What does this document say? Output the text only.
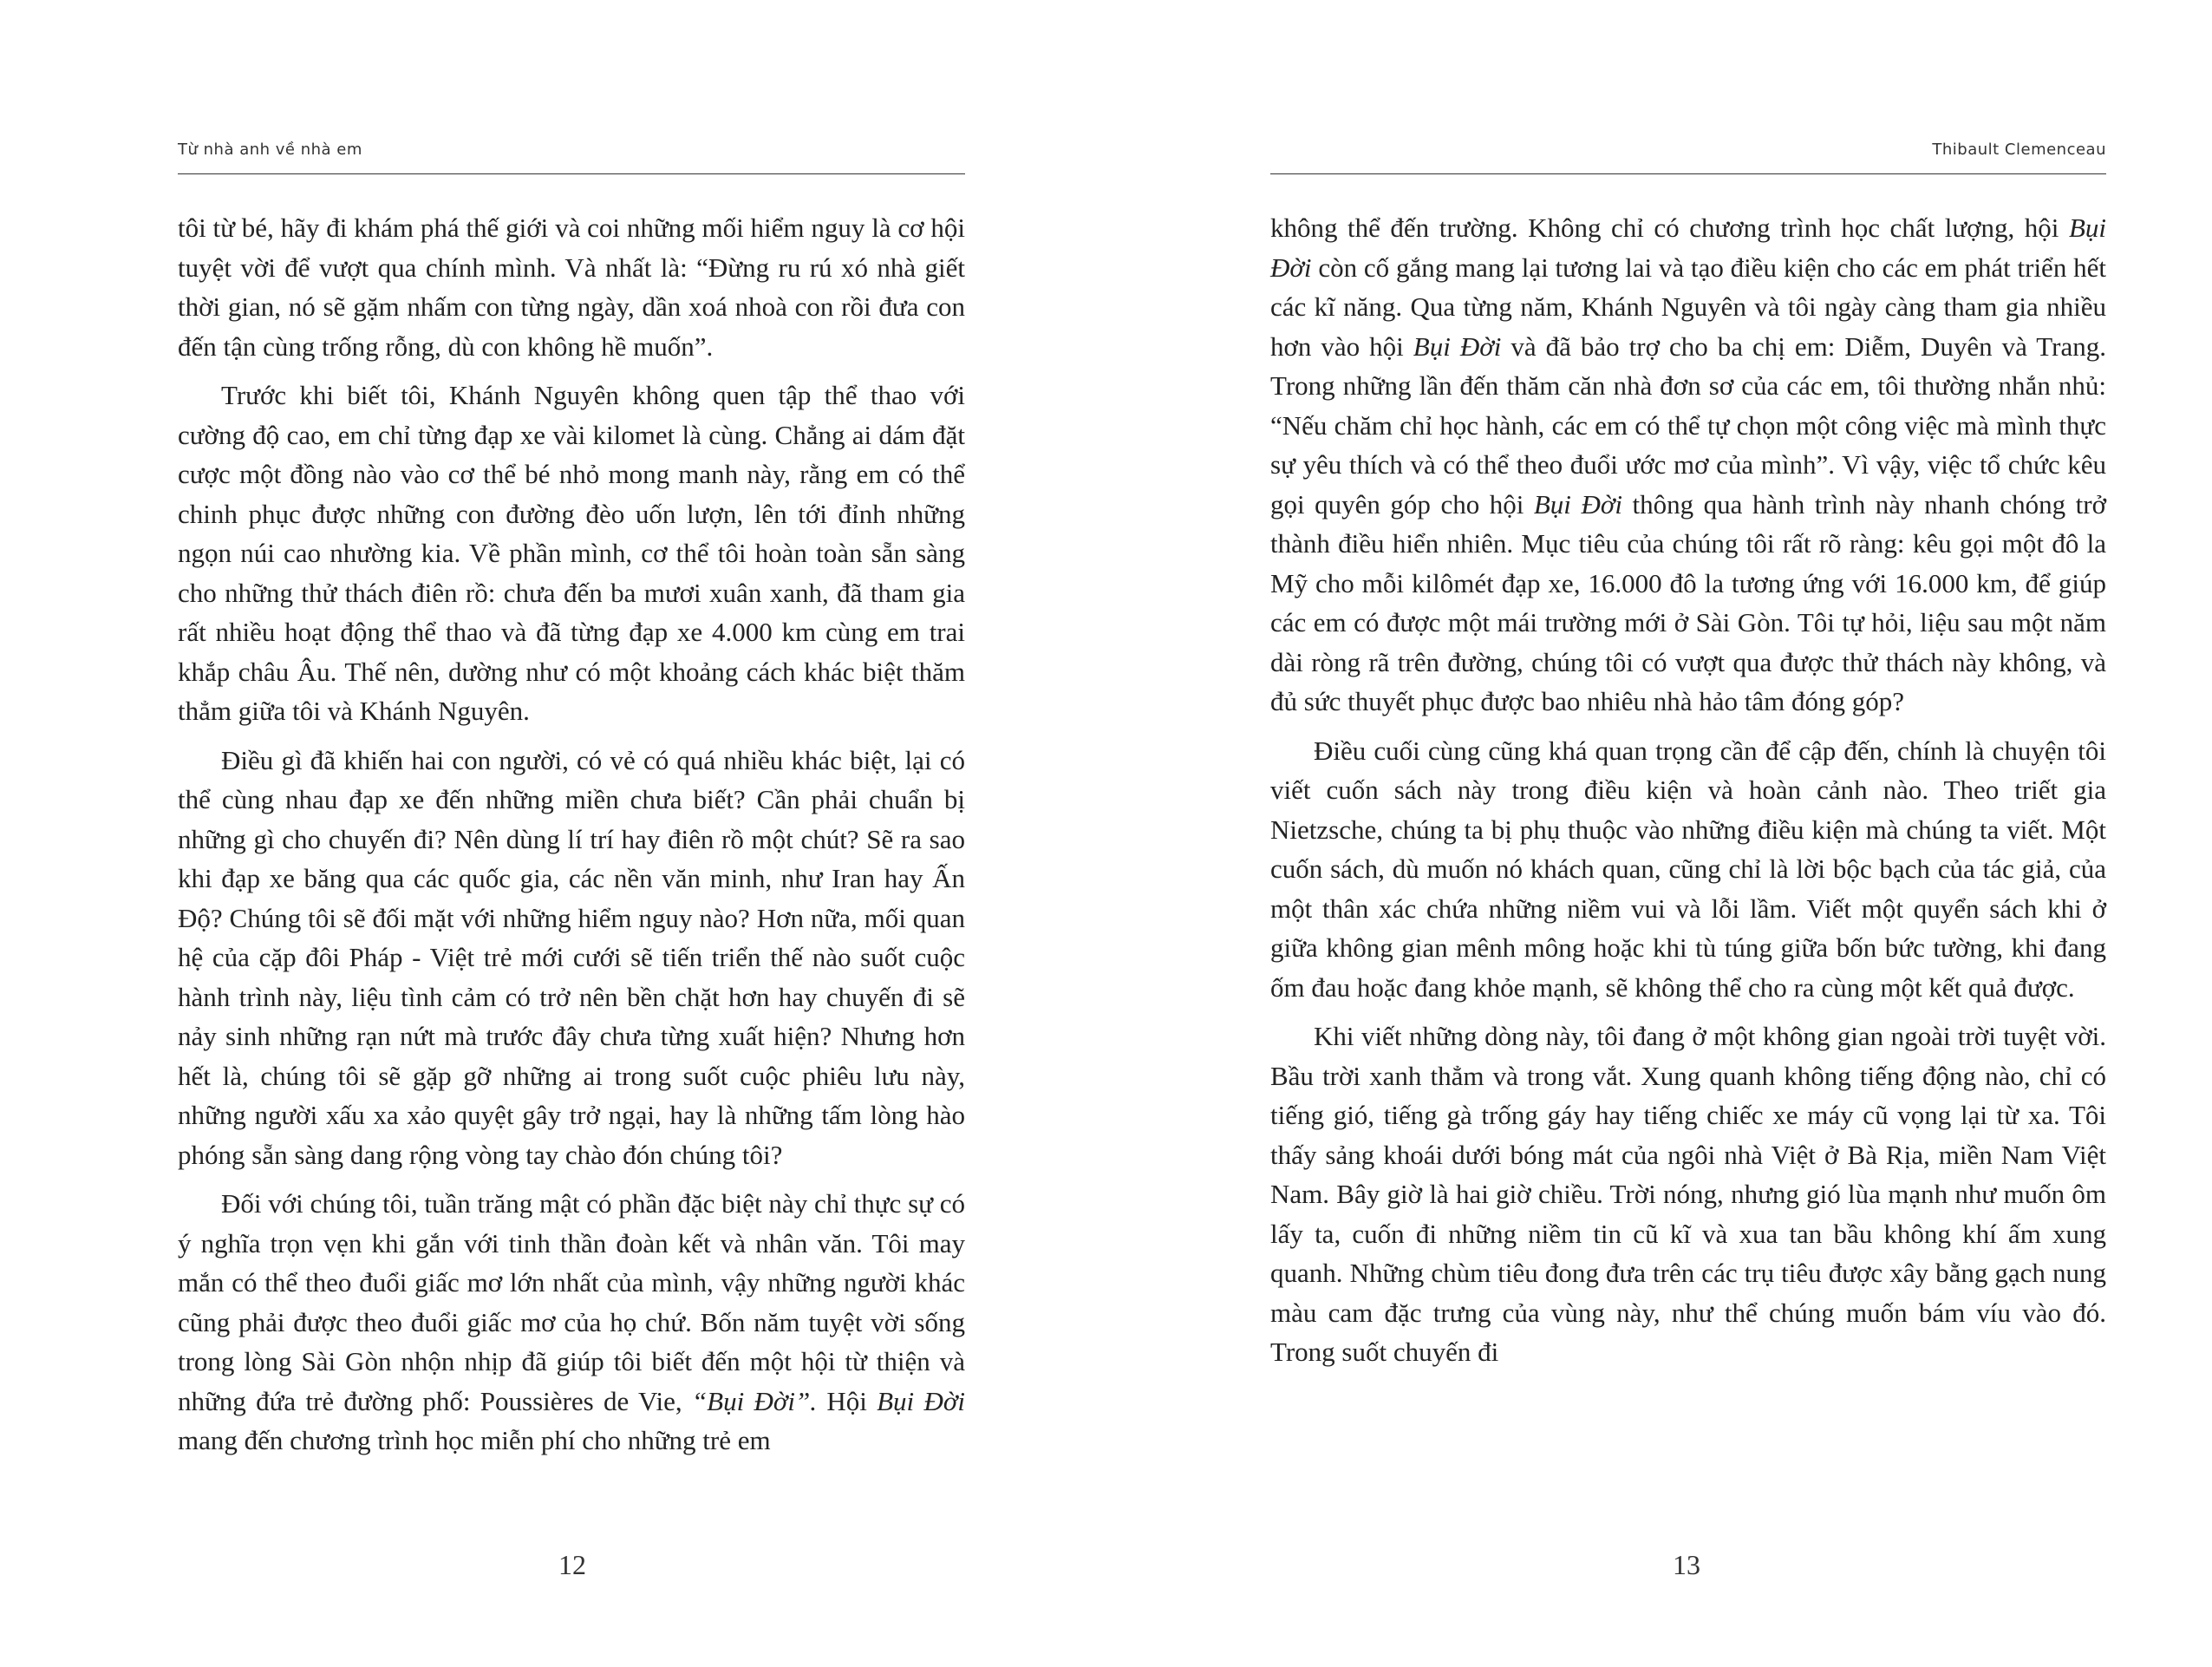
Từ nhà anh về nhà em

tôi từ bé, hãy đi khám phá thế giới và coi những mối hiểm nguy là cơ hội tuyệt vời để vượt qua chính mình. Và nhất là: “Đừng ru rú xó nhà giết thời gian, nó sẽ gặm nhấm con từng ngày, dần xoá nhoà con rồi đưa con đến tận cùng trống rỗng, dù con không hề muốn”.

Trước khi biết tôi, Khánh Nguyên không quen tập thể thao với cường độ cao, em chỉ từng đạp xe vài kilomet là cùng. Chẳng ai dám đặt cược một đồng nào vào cơ thể bé nhỏ mong manh này, rằng em có thể chinh phục được những con đường đèo uốn lượn, lên tới đỉnh những ngọn núi cao nhường kia. Về phần mình, cơ thể tôi hoàn toàn sẵn sàng cho những thử thách điên rồ: chưa đến ba mươi xuân xanh, đã tham gia rất nhiều hoạt động thể thao và đã từng đạp xe 4.000 km cùng em trai khắp châu Âu. Thế nên, dường như có một khoảng cách khác biệt thăm thẳm giữa tôi và Khánh Nguyên.

Điều gì đã khiến hai con người, có vẻ có quá nhiều khác biệt, lại có thể cùng nhau đạp xe đến những miền chưa biết? Cần phải chuẩn bị những gì cho chuyến đi? Nên dùng lí trí hay điên rồ một chút? Sẽ ra sao khi đạp xe băng qua các quốc gia, các nền văn minh, như Iran hay Ấn Độ? Chúng tôi sẽ đối mặt với những hiểm nguy nào? Hơn nữa, mối quan hệ của cặp đôi Pháp - Việt trẻ mới cưới sẽ tiến triển thế nào suốt cuộc hành trình này, liệu tình cảm có trở nên bền chặt hơn hay chuyến đi sẽ nảy sinh những rạn nứt mà trước đây chưa từng xuất hiện? Nhưng hơn hết là, chúng tôi sẽ gặp gỡ những ai trong suốt cuộc phiêu lưu này, những người xấu xa xảo quyệt gây trở ngại, hay là những tấm lòng hào phóng sẵn sàng dang rộng vòng tay chào đón chúng tôi?

Đối với chúng tôi, tuần trăng mật có phần đặc biệt này chỉ thực sự có ý nghĩa trọn vẹn khi gắn với tinh thần đoàn kết và nhân văn. Tôi may mắn có thể theo đuổi giấc mơ lớn nhất của mình, vậy những người khác cũng phải được theo đuổi giấc mơ của họ chứ. Bốn năm tuyệt vời sống trong lòng Sài Gòn nhộn nhịp đã giúp tôi biết đến một hội từ thiện và những đứa trẻ đường phố: Poussières de Vie, “Bụi Đời”. Hội Bụi Đời mang đến chương trình học miễn phí cho những trẻ em

12
Thibault Clemenceau

không thể đến trường. Không chỉ có chương trình học chất lượng, hội Bụi Đời còn cố gắng mang lại tương lai và tạo điều kiện cho các em phát triển hết các kĩ năng. Qua từng năm, Khánh Nguyên và tôi ngày càng tham gia nhiều hơn vào hội Bụi Đời và đã bảo trợ cho ba chị em: Diễm, Duyên và Trang. Trong những lần đến thăm căn nhà đơn sơ của các em, tôi thường nhắn nhủ: “Nếu chăm chỉ học hành, các em có thể tự chọn một công việc mà mình thực sự yêu thích và có thể theo đuổi ước mơ của mình”. Vì vậy, việc tổ chức kêu gọi quyên góp cho hội Bụi Đời thông qua hành trình này nhanh chóng trở thành điều hiển nhiên. Mục tiêu của chúng tôi rất rõ ràng: kêu gọi một đô la Mỹ cho mỗi kilômét đạp xe, 16.000 đô la tương ứng với 16.000 km, để giúp các em có được một mái trường mới ở Sài Gòn. Tôi tự hỏi, liệu sau một năm dài ròng rã trên đường, chúng tôi có vượt qua được thử thách này không, và đủ sức thuyết phục được bao nhiêu nhà hảo tâm đóng góp?

Điều cuối cùng cũng khá quan trọng cần để cập đến, chính là chuyện tôi viết cuốn sách này trong điều kiện và hoàn cảnh nào. Theo triết gia Nietzsche, chúng ta bị phụ thuộc vào những điều kiện mà chúng ta viết. Một cuốn sách, dù muốn nó khách quan, cũng chỉ là lời bộc bạch của tác giả, của một thân xác chứa những niềm vui và lỗi lầm. Viết một quyển sách khi ở giữa không gian mênh mông hoặc khi tù túng giữa bốn bức tường, khi đang ốm đau hoặc đang khỏe mạnh, sẽ không thể cho ra cùng một kết quả được.

Khi viết những dòng này, tôi đang ở một không gian ngoài trời tuyệt vời. Bầu trời xanh thẳm và trong vắt. Xung quanh không tiếng động nào, chỉ có tiếng gió, tiếng gà trống gáy hay tiếng chiếc xe máy cũ vọng lại từ xa. Tôi thấy sảng khoái dưới bóng mát của ngôi nhà Việt ở Bà Rịa, miền Nam Việt Nam. Bây giờ là hai giờ chiều. Trời nóng, nhưng gió lùa mạnh như muốn ôm lấy ta, cuốn đi những niềm tin cũ kĩ và xua tan bầu không khí ấm xung quanh. Những chùm tiêu đong đưa trên các trụ tiêu được xây bằng gạch nung màu cam đặc trưng của vùng này, như thể chúng muốn bám víu vào đó. Trong suốt chuyến đi

13
